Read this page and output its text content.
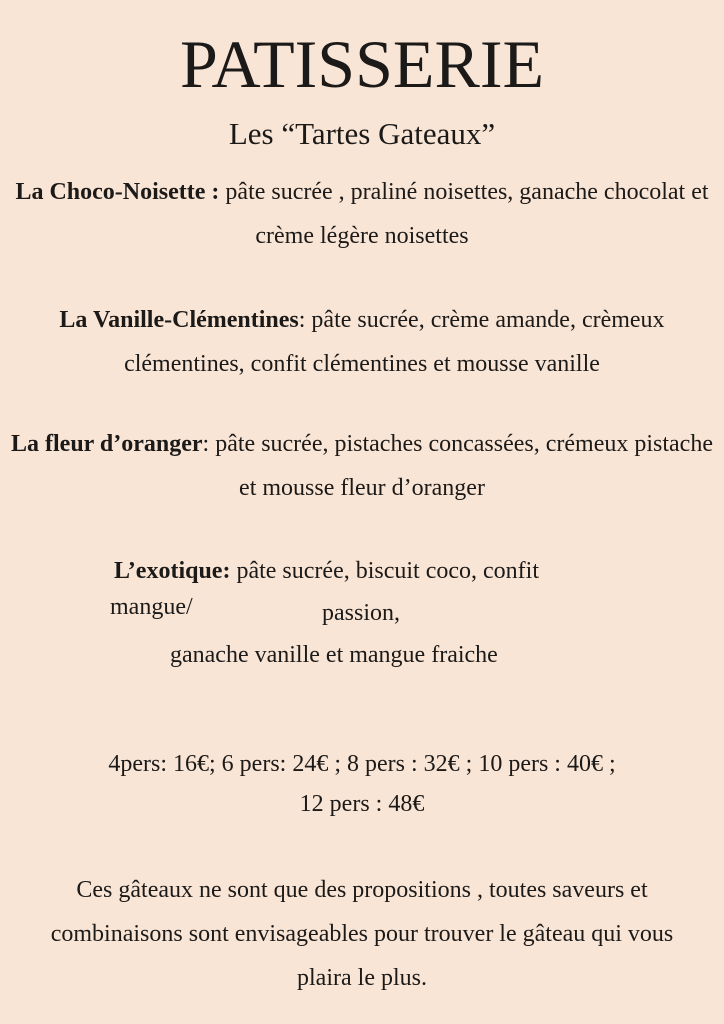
PATISSERIE
Les “Tartes Gateaux”
La Choco-Noisette : pâte sucrée , praliné noisettes, ganache chocolat et crème légère noisettes
La Vanille-Clémentines: pâte sucrée, crème amande, crèmeux clémentines, confit clémentines et mousse vanille
La fleur d’oranger: pâte sucrée, pistaches concassées, crémeux pistache et mousse fleur d’oranger
L’exotique: pâte sucrée, biscuit coco, confit
mangue/	passion,
ganache vanille et mangue fraiche
4pers: 16€; 6 pers: 24€ ; 8 pers : 32€ ; 10 pers : 40€ ;
12 pers : 48€
Ces gâteaux ne sont que des propositions , toutes saveurs et combinaisons sont envisageables pour trouver le gâteau qui vous plaira le plus.
